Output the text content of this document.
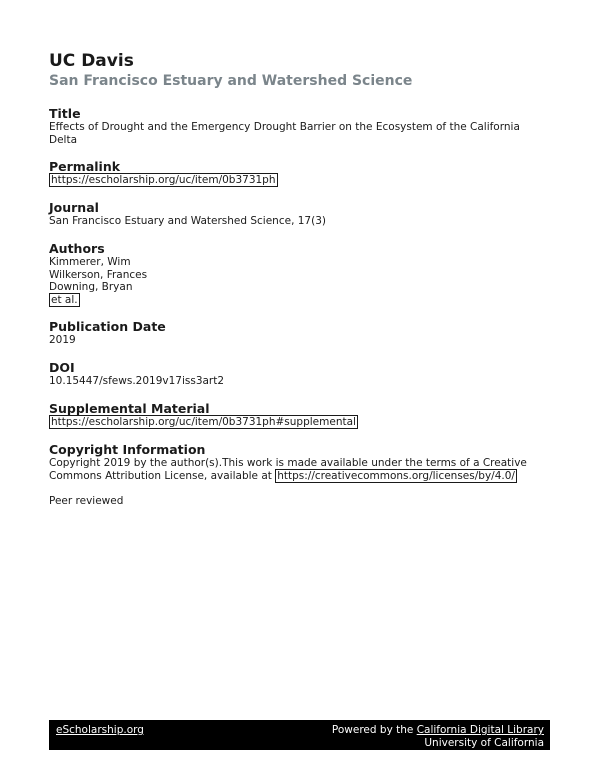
UC Davis
San Francisco Estuary and Watershed Science
Title

Effects of Drought and the Emergency Drought Barrier on the Ecosystem of the California

Delta

Permalink

https://escholarship.org/uc/item/0b3731ph

Journal

San Francisco Estuary and Watershed Science, 17(3)

Authors

Kimmerer, Wim

Wilkerson, Frances

Downing, Bryan

et al.

Publication Date

2019

DOI

10.15447/sfews.2019v17iss3art2

Supplemental Material

https://escholarship.org/uc/item/0b3731ph#supplemental

Copyright Information

Copyright 2019 by the author(s).This work is made available under the terms of a Creative

Commons Attribution License, available at https://creativecommons.org/licenses/by/4.0/

Peer reviewed

eScholarship.org	Powered by the California Digital Library
University of California
